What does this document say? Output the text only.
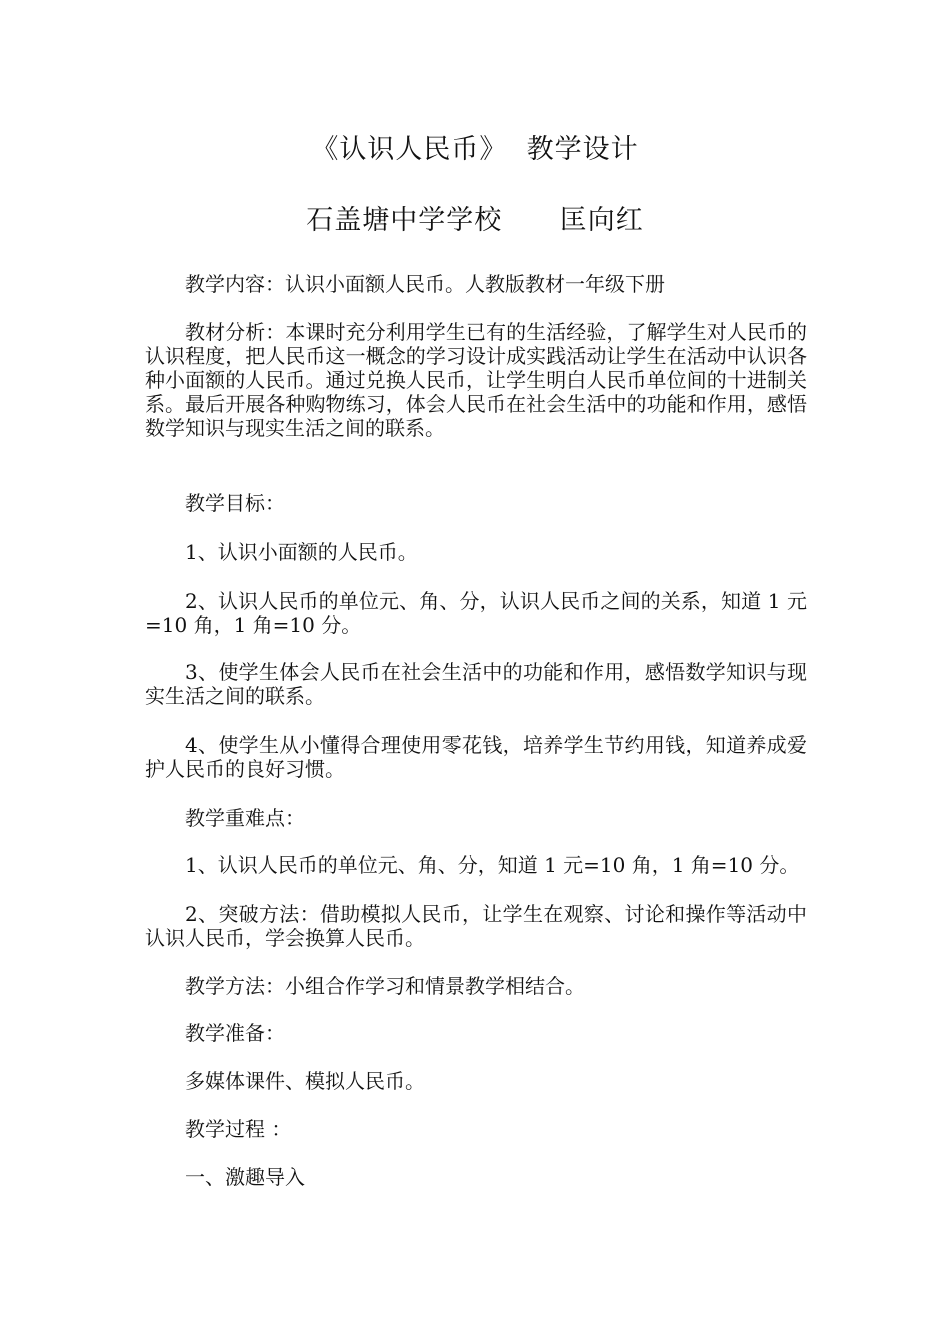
《认识人民币》  教学设计
石盖塘中学学校      匡向红

教学内容：认识小面额人民币。人教版教材一年级下册

教材分析：本课时充分利用学生已有的生活经验，了解学生对人民币的认识程度，把人民币这一概念的学习设计成实践活动让学生在活动中认识各种小面额的人民币。通过兑换人民币，让学生明白人民币单位间的十进制关系。最后开展各种购物练习，体会人民币在社会生活中的功能和作用，感悟数学知识与现实生活之间的联系。

教学目标：

1、认识小面额的人民币。

2、认识人民币的单位元、角、分，认识人民币之间的关系，知道 1 元=10 角，1 角=10 分。

3、使学生体会人民币在社会生活中的功能和作用，感悟数学知识与现实生活之间的联系。

4、使学生从小懂得合理使用零花钱，培养学生节约用钱，知道养成爱护人民币的良好习惯。

教学重难点：

1、认识人民币的单位元、角、分，知道 1 元=10 角，1 角=10 分。

2、突破方法：借助模拟人民币，让学生在观察、讨论和操作等活动中认识人民币，学会换算人民币。

教学方法：小组合作学习和情景教学相结合。

教学准备：

多媒体课件、模拟人民币。

教学过程 ：

一、激趣导入
